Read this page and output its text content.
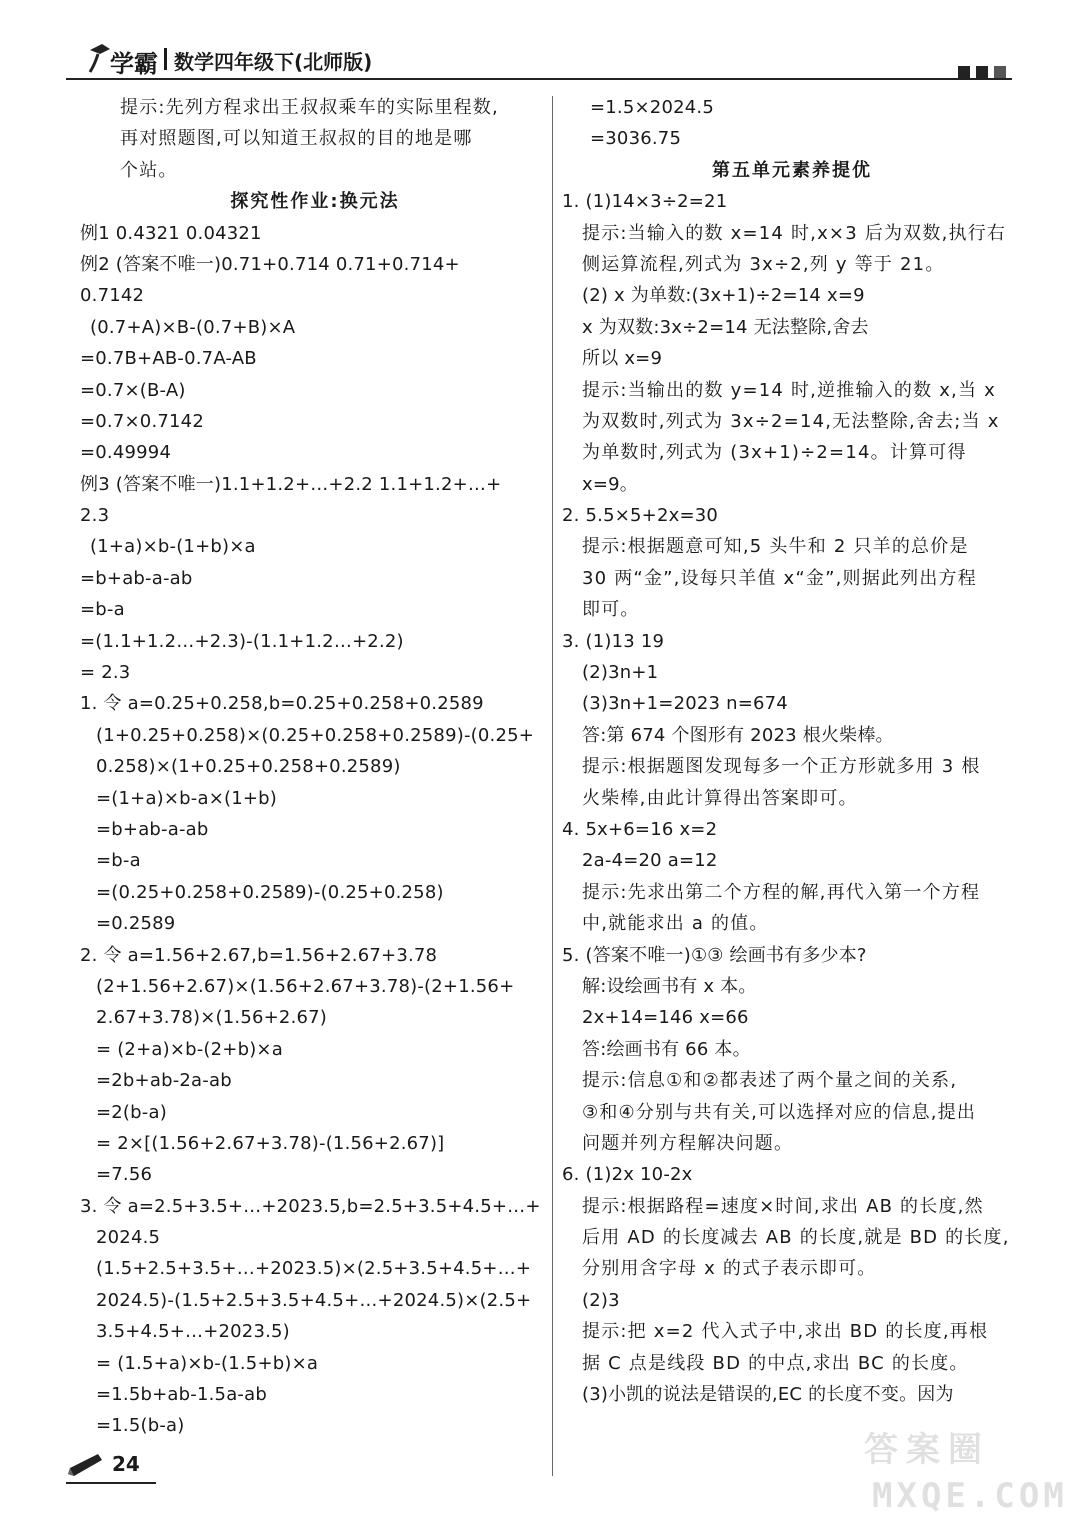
学霸 数学四年级下(北师版)
提示:先列方程求出王叔叔乘车的实际里程数,
再对照题图,可以知道王叔叔的目的地是哪
个站。
探究性作业:换元法
例1 0.4321 0.04321
例2 (答案不唯一)0.71+0.714 0.71+0.714+
0.7142
(0.7+A)×B-(0.7+B)×A
=0.7B+AB-0.7A-AB
=0.7×(B-A)
=0.7×0.7142
=0.49994
例3 (答案不唯一)1.1+1.2+…+2.2 1.1+1.2+…+
2.3
(1+a)×b-(1+b)×a
=b+ab-a-ab
=b-a
=(1.1+1.2…+2.3)-(1.1+1.2…+2.2)
= 2.3
1. 令 a=0.25+0.258,b=0.25+0.258+0.2589
(1+0.25+0.258)×(0.25+0.258+0.2589)-(0.25+
0.258)×(1+0.25+0.258+0.2589)
=(1+a)×b-a×(1+b)
=b+ab-a-ab
=b-a
=(0.25+0.258+0.2589)-(0.25+0.258)
=0.2589
2. 令 a=1.56+2.67,b=1.56+2.67+3.78
(2+1.56+2.67)×(1.56+2.67+3.78)-(2+1.56+
2.67+3.78)×(1.56+2.67)
= (2+a)×b-(2+b)×a
=2b+ab-2a-ab
=2(b-a)
= 2×[(1.56+2.67+3.78)-(1.56+2.67)]
=7.56
3. 令 a=2.5+3.5+…+2023.5,b=2.5+3.5+4.5+…+
2024.5
(1.5+2.5+3.5+…+2023.5)×(2.5+3.5+4.5+…+
2024.5)-(1.5+2.5+3.5+4.5+…+2024.5)×(2.5+
3.5+4.5+…+2023.5)
= (1.5+a)×b-(1.5+b)×a
=1.5b+ab-1.5a-ab
=1.5(b-a)
=1.5×2024.5
=3036.75
第五单元素养提优
1. (1)14×3÷2=21
提示:当输入的数 x=14 时,x×3 后为双数,执行右
侧运算流程,列式为 3x÷2,列 y 等于 21。
(2) x 为单数:(3x+1)÷2=14 x=9
x 为双数:3x÷2=14 无法整除,舍去
所以 x=9
提示:当输出的数 y=14 时,逆推输入的数 x,当 x
为双数时,列式为 3x÷2=14,无法整除,舍去;当 x
为单数时,列式为 (3x+1)÷2=14。计算可得
x=9。
2. 5.5×5+2x=30
提示:根据题意可知,5 头牛和 2 只羊的总价是
30 两“金”,设每只羊值 x“金”,则据此列出方程
即可。
3. (1)13 19
(2)3n+1
(3)3n+1=2023 n=674
答:第 674 个图形有 2023 根火柴棒。
提示:根据题图发现每多一个正方形就多用 3 根
火柴棒,由此计算得出答案即可。
4. 5x+6=16 x=2
2a-4=20 a=12
提示:先求出第二个方程的解,再代入第一个方程
中,就能求出 a 的值。
5. (答案不唯一)①③ 绘画书有多少本?
解:设绘画书有 x 本。
2x+14=146 x=66
答:绘画书有 66 本。
提示:信息①和②都表述了两个量之间的关系,
③和④分别与共有关,可以选择对应的信息,提出
问题并列方程解决问题。
6. (1)2x 10-2x
提示:根据路程=速度×时间,求出 AB 的长度,然
后用 AD 的长度减去 AB 的长度,就是 BD 的长度,
分别用含字母 x 的式子表示即可。
(2)3
提示:把 x=2 代入式子中,求出 BD 的长度,再根
据 C 点是线段 BD 的中点,求出 BC 的长度。
(3)小凯的说法是错误的,EC 的长度不变。因为
24	答案圈
MXQE.COM
